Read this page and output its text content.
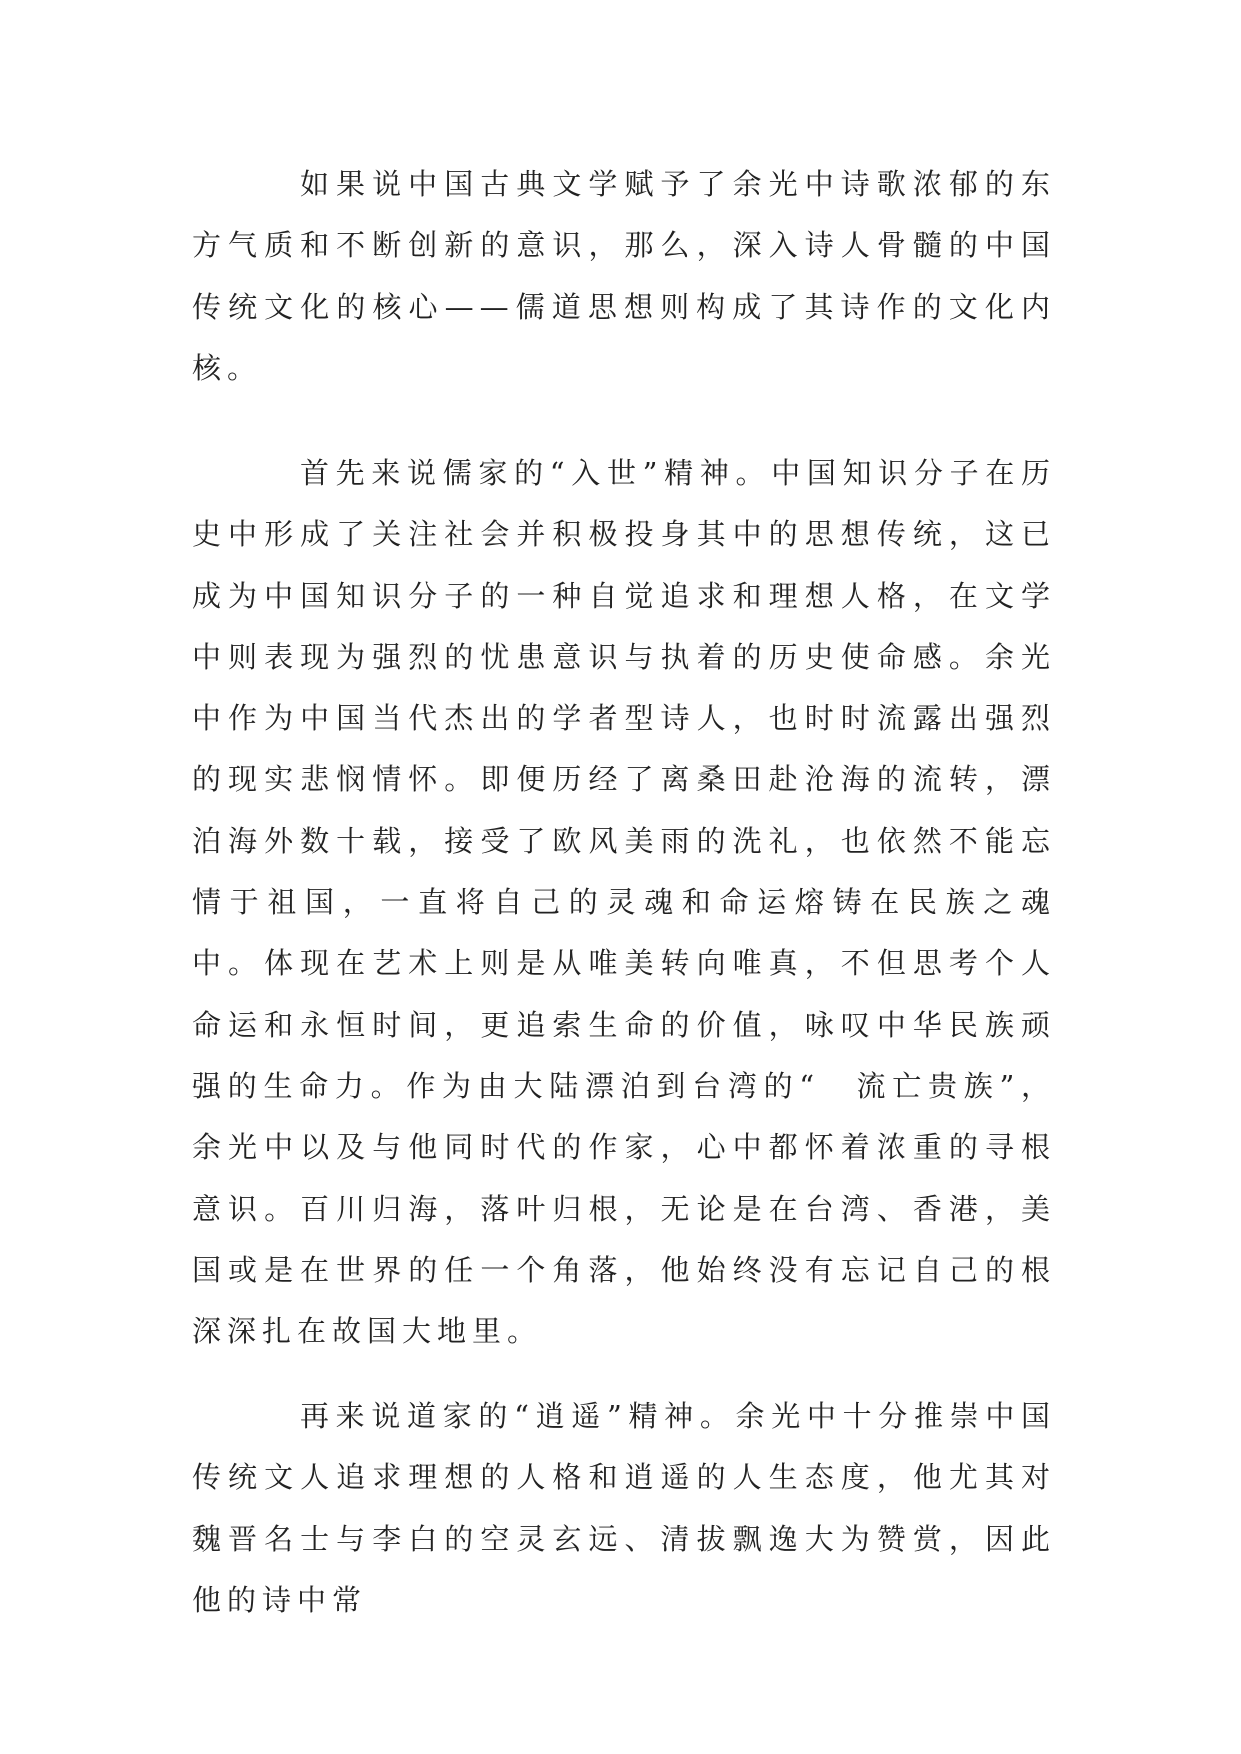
如果说中国古典文学赋予了余光中诗歌浓郁的东方气质和不断创新的意识，那么，深入诗人骨髓的中国传统文化的核心——儒道思想则构成了其诗作的文化内核。

首先来说儒家的“入世”精神。中国知识分子在历史中形成了关注社会并积极投身其中的思想传统，这已成为中国知识分子的一种自觉追求和理想人格，在文学中则表现为强烈的忧患意识与执着的历史使命感。余光中作为中国当代杰出的学者型诗人，也时时流露出强烈的现实悲悯情怀。即便历经了离桑田赴沧海的流转，漂泊海外数十载，接受了欧风美雨的洗礼，也依然不能忘情于祖国，一直将自己的灵魂和命运熔铸在民族之魂中。体现在艺术上则是从唯美转向唯真，不但思考个人命运和永恒时间，更追索生命的价值，咏叹中华民族顽强的生命力。作为由大陆漂泊到台湾的“　流亡贵族”，余光中以及与他同时代的作家，心中都怀着浓重的寻根意识。百川归海，落叶归根，无论是在台湾、香港，美国或是在世界的任一个角落，他始终没有忘记自己的根深深扎在故国大地里。

再来说道家的“逍遥”精神。余光中十分推崇中国传统文人追求理想的人格和逍遥的人生态度，他尤其对魏晋名士与李白的空灵玄远、清拔飘逸大为赞赏，因此他的诗中常
